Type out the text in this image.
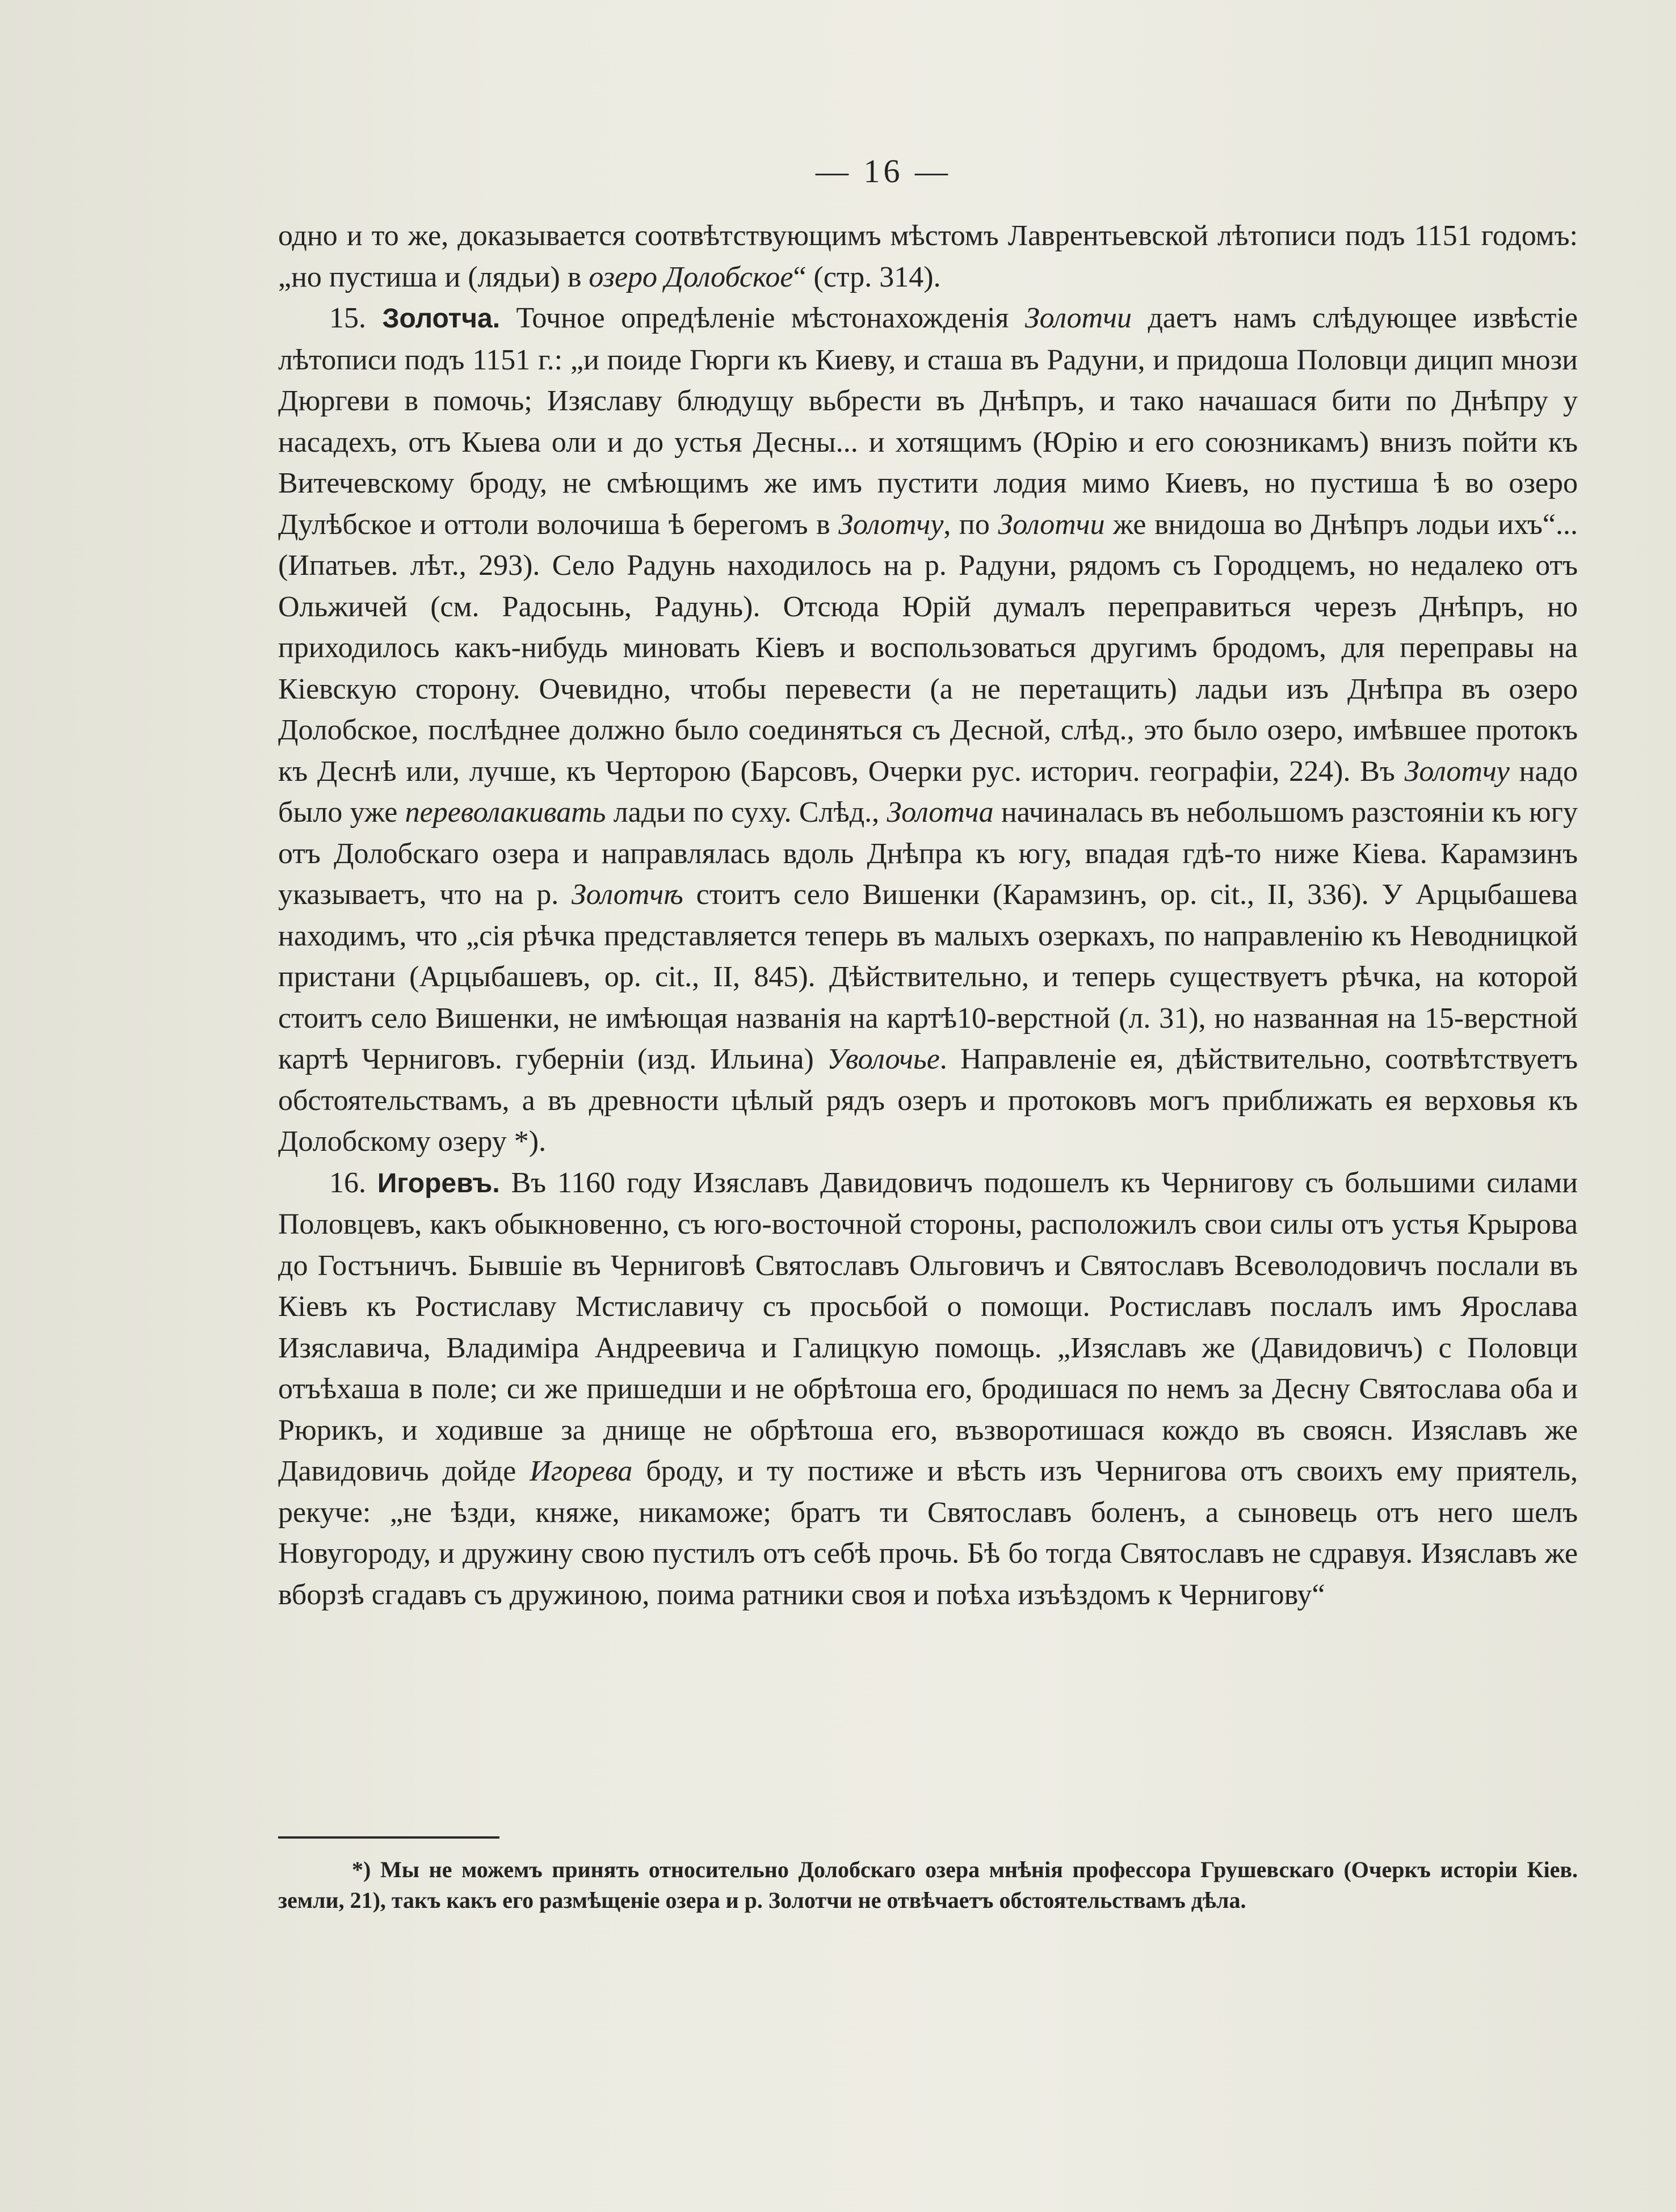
— 16 —

одно и то же, доказывается соотвѣтствующимъ мѣстомъ Лаврентьевской лѣтописи подъ 1151 годомъ: „но пустиша и (лядьи) в озеро Долобское“ (стр. 314).

15. Золотча. Точное опредѣленіе мѣстонахожденія Золотчи даетъ намъ слѣдующее извѣстіе лѣтописи подъ 1151 г.: „и поиде Гюрги къ Киеву, и сташа въ Радуни, и придоша Половци дицип мнози Дюргеви в помочь; Изяславу блюдущу вьбрести въ Днѣпръ, и тако начашася бити по Днѣпру у насадехъ, отъ Кыева оли и до устья Десны... и хотящимъ (Юрію и его союзникамъ) внизъ пойти къ Витечевскому броду, не смѣющимъ же имъ пустити лодия мимо Киевъ, но пустиша ѣ во озеро Дулѣбское и оттоли волочиша ѣ берегомъ в Золотчу, по Золотчи же внидоша во Днѣпръ лодьи ихъ“... (Ипатьев. лѣт., 293). Село Радунь находилось на р. Радуни, рядомъ съ Городцемъ, но недалеко отъ Ольжичей (см. Радосынь, Радунь). Отсюда Юрій думалъ переправиться черезъ Днѣпръ, но приходилось какъ-нибудь миновать Кіевъ и воспользоваться другимъ бродомъ, для переправы на Кіевскую сторону. Очевидно, чтобы перевести (а не перетащить) ладьи изъ Днѣпра въ озеро Долобское, послѣднее должно было соединяться съ Десной, слѣд., это было озеро, имѣвшее протокъ къ Деснѣ или, лучше, къ Черторою (Барсовъ, Очерки рус. историч. географіи, 224). Въ Золотчу надо было уже переволакивать ладьи по суху. Слѣд., Золотча начиналась въ небольшомъ разстояніи къ югу отъ Долобскаго озера и направлялась вдоль Днѣпра къ югу, впадая гдѣ-то ниже Кіева. Карамзинъ указываетъ, что на р. Золотчѣ стоитъ село Вишенки (Карамзинъ, op. cit., II, 336). У Арцыбашева находимъ, что „сія рѣчка представляется теперь въ малыхъ озеркахъ, по направленію къ Неводницкой пристани (Арцыбашевъ, op. cit., II, 845). Дѣйствительно, и теперь существуетъ рѣчка, на которой стоитъ село Вишенки, не имѣющая названія на картѣ10-верстной (л. 31), но названная на 15-верстной картѣ Черниговъ. губерніи (изд. Ильина) Уволочье. Направленіе ея, дѣйствительно, соотвѣтствуетъ обстоятельствамъ, а въ древности цѣлый рядъ озеръ и протоковъ могъ приближать ея верховья къ Долобскому озеру *).

16. Игоревъ. Въ 1160 году Изяславъ Давидовичъ подошелъ къ Чернигову съ большими силами Половцевъ, какъ обыкновенно, съ юго-восточной стороны, расположилъ свои силы отъ устья Крырова до Гостъничъ. Бывшіе въ Черниговѣ Святославъ Ольговичъ и Святославъ Всеволодовичъ послали въ Кіевъ къ Ростиславу Мстиславичу съ просьбой о помощи. Ростиславъ послалъ имъ Ярослава Изяславича, Владиміра Андреевича и Галицкую помощь. „Изяславъ же (Давидовичъ) с Половци отъѣхаша в поле; си же пришедши и не обрѣтоша его, бродишася по немъ за Десну Святослава оба и Рюрикъ, и ходивше за днище не обрѣтоша его, възворотишася кождо въ своясн. Изяславъ же Давидовичь дойде Игорева броду, и ту постиже и вѣсть изъ Чернигова отъ своихъ ему приятель, рекуче: „не ѣзди, княже, никаможе; братъ ти Святославъ боленъ, а сыновець отъ него шелъ Новугороду, и дружину свою пустилъ отъ себѣ прочь. Бѣ бо тогда Святославъ не сдравуя. Изяславъ же вборзѣ сгадавъ съ дружиною, поима ратники своя и поѣха изъѣздомъ к Чернигову“

*) Мы не можемъ принять относительно Долобскаго озера мнѣнія профессора Грушевскаго (Очеркъ исторіи Кіев. земли, 21), такъ какъ его размѣщеніе озера и р. Золотчи не отвѣчаетъ обстоятельствамъ дѣла.
